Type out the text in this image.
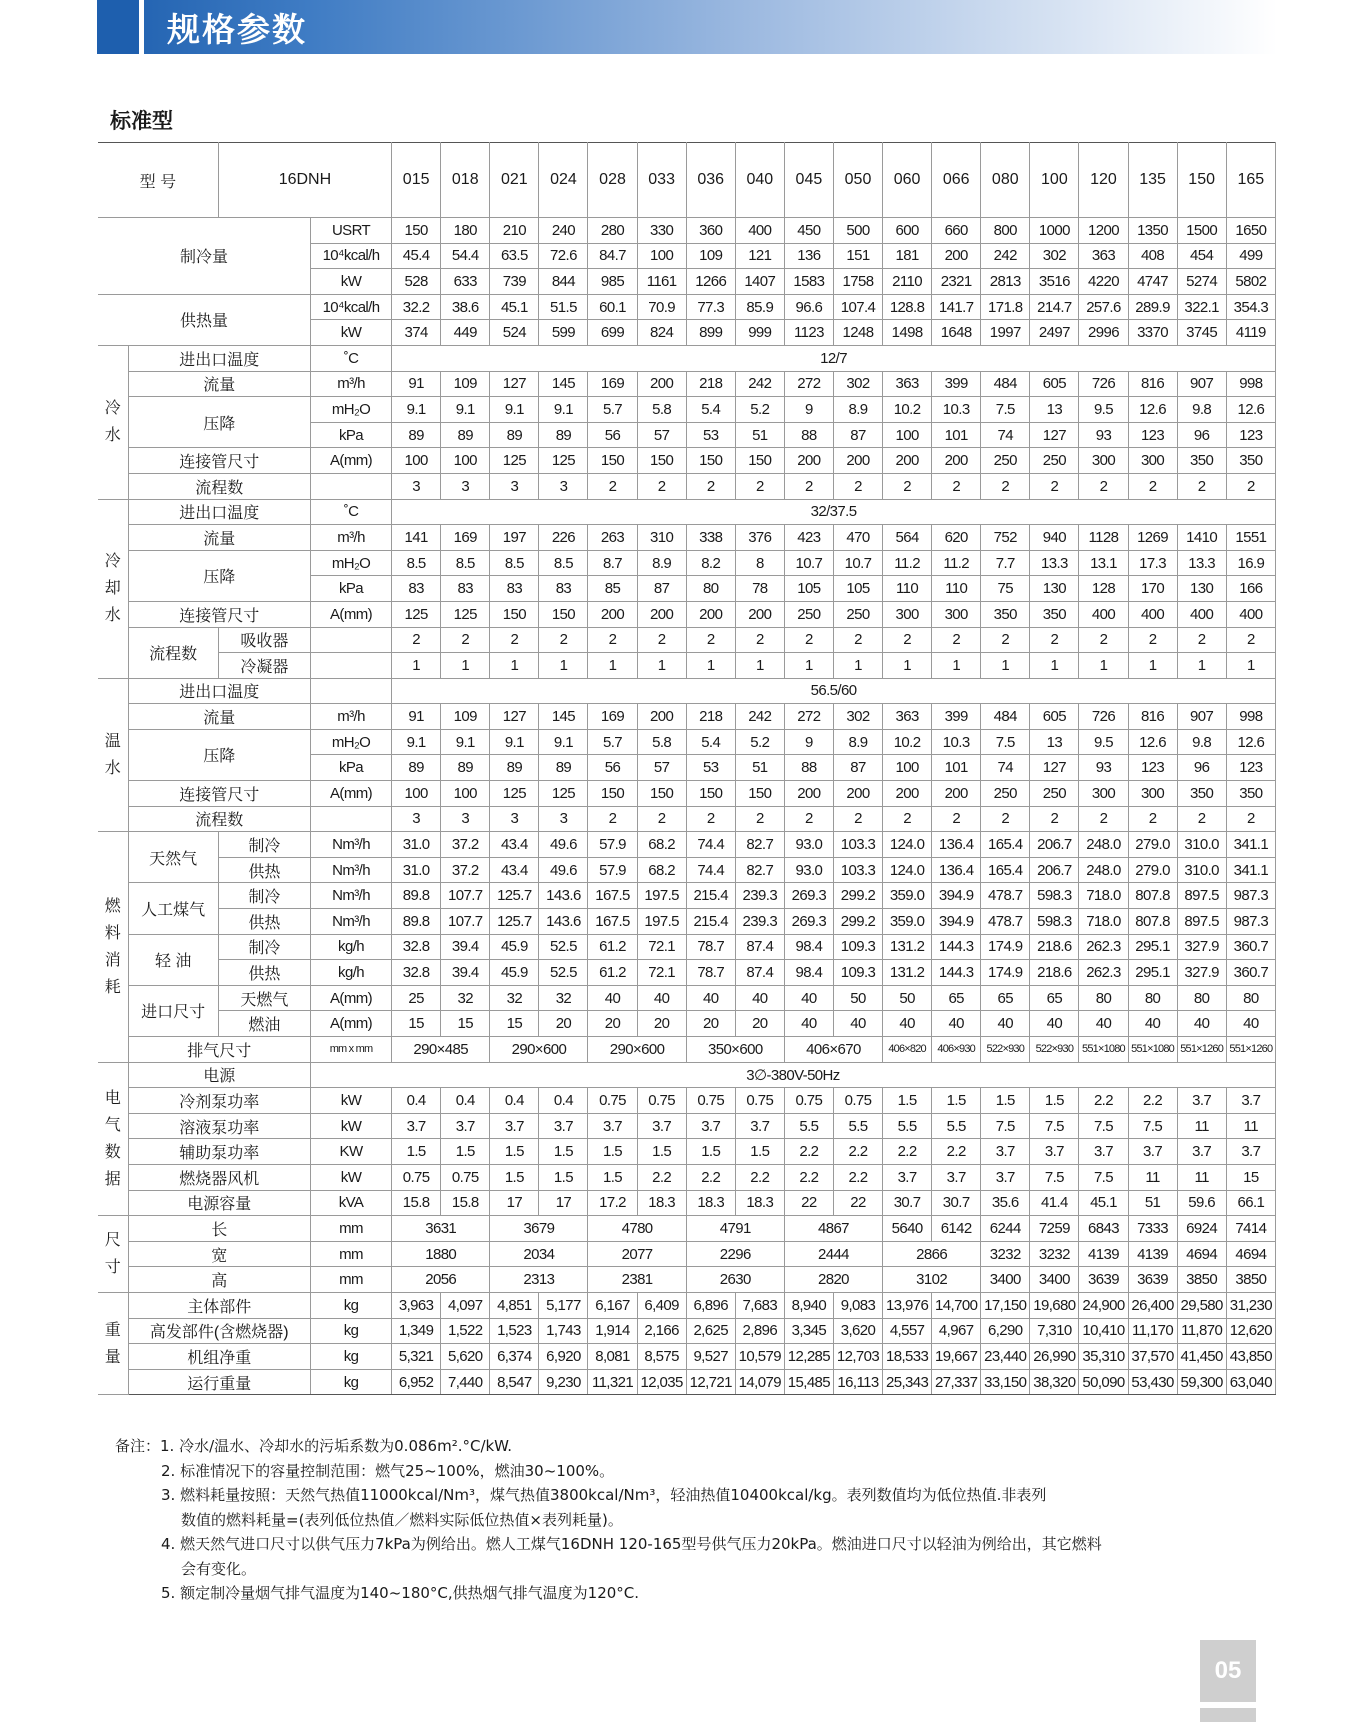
规格参数
标准型
型 号		16DNH		015	018	021	024	028	033	036	040	045	050	060	066	080	100	120	135	150	165
制冷量			USRT	150	180	210	240	280	330	360	400	450	500	600	660	800	1000	1200	1350	1500	1650
			10⁴kcal/h	45.4	54.4	63.5	72.6	84.7	100	109	121	136	151	181	200	242	302	363	408	454	499
			kW	528	633	739	844	985	1161	1266	1407	1583	1758	2110	2321	2813	3516	4220	4747	5274	5802
供热量			10⁴kcal/h	32.2	38.6	45.1	51.5	60.1	70.9	77.3	85.9	96.6	107.4	128.8	141.7	171.8	214.7	257.6	289.9	322.1	354.3
			kW	374	449	524	599	699	824	899	999	1123	1248	1498	1648	1997	2497	2996	3370	3745	4119
冷水	进出口温度		˚C	12/7																	
	流量		m³/h	91	109	127	145	169	200	218	242	272	302	363	399	484	605	726	816	907	998
	压降		mH₂O	9.1	9.1	9.1	9.1	5.7	5.8	5.4	5.2	9	8.9	10.2	10.3	7.5	13	9.5	12.6	9.8	12.6
			kPa	89	89	89	89	56	57	53	51	88	87	100	101	74	127	93	123	96	123
	连接管尺寸		A(mm)	100	100	125	125	150	150	150	150	200	200	200	200	250	250	300	300	350	350
	流程数			3	3	3	3	2	2	2	2	2	2	2	2	2	2	2	2	2	2
冷却水	进出口温度		˚C	32/37.5																	
	流量		m³/h	141	169	197	226	263	310	338	376	423	470	564	620	752	940	1128	1269	1410	1551
	压降		mH₂O	8.5	8.5	8.5	8.5	8.7	8.9	8.2	8	10.7	10.7	11.2	11.2	7.7	13.3	13.1	17.3	13.3	16.9
			kPa	83	83	83	83	85	87	80	78	105	105	110	110	75	130	128	170	130	166
	连接管尺寸		A(mm)	125	125	150	150	200	200	200	200	250	250	300	300	350	350	400	400	400	400
	流程数	吸收器		2	2	2	2	2	2	2	2	2	2	2	2	2	2	2	2	2	2
		冷凝器		1	1	1	1	1	1	1	1	1	1	1	1	1	1	1	1	1	1
温水	进出口温度			56.5/60																	
	流量		m³/h	91	109	127	145	169	200	218	242	272	302	363	399	484	605	726	816	907	998
	压降		mH₂O	9.1	9.1	9.1	9.1	5.7	5.8	5.4	5.2	9	8.9	10.2	10.3	7.5	13	9.5	12.6	9.8	12.6
			kPa	89	89	89	89	56	57	53	51	88	87	100	101	74	127	93	123	96	123
	连接管尺寸		A(mm)	100	100	125	125	150	150	150	150	200	200	200	200	250	250	300	300	350	350
	流程数			3	3	3	3	2	2	2	2	2	2	2	2	2	2	2	2	2	2
燃料消耗	天然气	制冷	Nm³/h	31.0	37.2	43.4	49.6	57.9	68.2	74.4	82.7	93.0	103.3	124.0	136.4	165.4	206.7	248.0	279.0	310.0	341.1
		供热	Nm³/h	31.0	37.2	43.4	49.6	57.9	68.2	74.4	82.7	93.0	103.3	124.0	136.4	165.4	206.7	248.0	279.0	310.0	341.1
	人工煤气	制冷	Nm³/h	89.8	107.7	125.7	143.6	167.5	197.5	215.4	239.3	269.3	299.2	359.0	394.9	478.7	598.3	718.0	807.8	897.5	987.3
		供热	Nm³/h	89.8	107.7	125.7	143.6	167.5	197.5	215.4	239.3	269.3	299.2	359.0	394.9	478.7	598.3	718.0	807.8	897.5	987.3
	轻 油	制冷	kg/h	32.8	39.4	45.9	52.5	61.2	72.1	78.7	87.4	98.4	109.3	131.2	144.3	174.9	218.6	262.3	295.1	327.9	360.7
		供热	kg/h	32.8	39.4	45.9	52.5	61.2	72.1	78.7	87.4	98.4	109.3	131.2	144.3	174.9	218.6	262.3	295.1	327.9	360.7
	进口尺寸	天燃气	A(mm)	25	32	32	32	40	40	40	40	40	50	50	65	65	65	80	80	80	80
		燃油	A(mm)	15	15	15	20	20	20	20	20	40	40	40	40	40	40	40	40	40	40
	排气尺寸		mm x mm	290×485		290×600		290×600		350×600		406×670		406×820	406×930	522×930	522×930	551×1080	551×1080	551×1260	551×1260
电气数据	电源		3∅-380V-50Hz																		
	冷剂泵功率		kW	0.4	0.4	0.4	0.4	0.75	0.75	0.75	0.75	0.75	0.75	1.5	1.5	1.5	1.5	2.2	2.2	3.7	3.7
	溶液泵功率		kW	3.7	3.7	3.7	3.7	3.7	3.7	3.7	3.7	5.5	5.5	5.5	5.5	7.5	7.5	7.5	7.5	11	11
	辅助泵功率		KW	1.5	1.5	1.5	1.5	1.5	1.5	1.5	1.5	2.2	2.2	2.2	2.2	3.7	3.7	3.7	3.7	3.7	3.7
	燃烧器风机		kW	0.75	0.75	1.5	1.5	1.5	2.2	2.2	2.2	2.2	2.2	3.7	3.7	3.7	7.5	7.5	11	11	15
	电源容量		kVA	15.8	15.8	17	17	17.2	18.3	18.3	18.3	22	22	30.7	30.7	35.6	41.4	45.1	51	59.6	66.1
尺寸	长		mm	3631		3679		4780		4791		4867		5640	6142	6244	7259	6843	7333	6924	7414
	宽		mm	1880		2034		2077		2296		2444		2866		3232	3232	4139	4139	4694	4694
	高		mm	2056		2313		2381		2630		2820		3102		3400	3400	3639	3639	3850	3850
重量	主体部件		kg	3,963	4,097	4,851	5,177	6,167	6,409	6,896	7,683	8,940	9,083	13,976	14,700	17,150	19,680	24,900	26,400	29,580	31,230
	高发部件(含燃烧器)		kg	1,349	1,522	1,523	1,743	1,914	2,166	2,625	2,896	3,345	3,620	4,557	4,967	6,290	7,310	10,410	11,170	11,870	12,620
	机组净重		kg	5,321	5,620	6,374	6,920	8,081	8,575	9,527	10,579	12,285	12,703	18,533	19,667	23,440	26,990	35,310	37,570	41,450	43,850
	运行重量		kg	6,952	7,440	8,547	9,230	11,321	12,035	12,721	14,079	15,485	16,113	25,343	27,337	33,150	38,320	50,090	53,430	59,300	63,040
备注：1. 冷水/温水、冷却水的污垢系数为0.086m².°C/kW.
2. 标准情况下的容量控制范围：燃气25~100%，燃油30~100%。
3. 燃料耗量按照：天然气热值11000kcal/Nm³，煤气热值3800kcal/Nm³，轻油热值10400kcal/kg。表列数值均为低位热值.非表列
数值的燃料耗量=(表列低位热值／燃料实际低位热值×表列耗量)。
4. 燃天然气进口尺寸以供气压力7kPa为例给出。燃人工煤气16DNH 120-165型号供气压力20kPa。燃油进口尺寸以轻油为例给出，其它燃料
会有变化。
5. 额定制冷量烟气排气温度为140~180°C,供热烟气排气温度为120°C.
05
